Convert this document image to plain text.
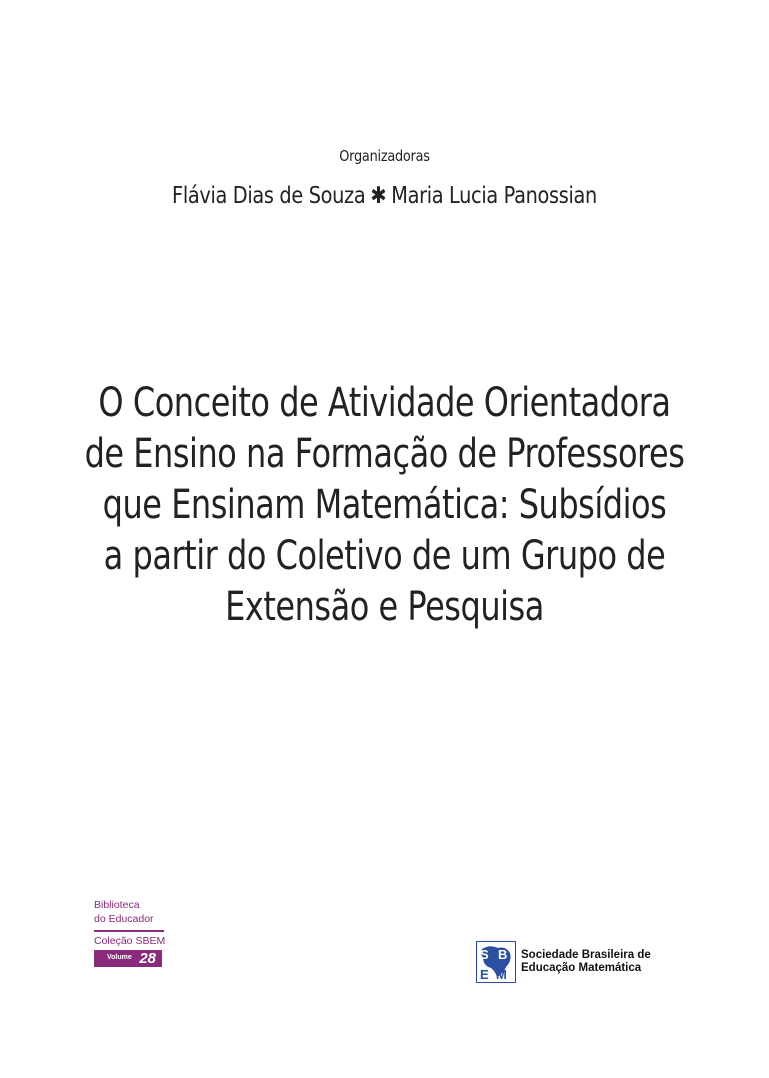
Organizadoras
Flávia Dias de Souza ✱ Maria Lucia Panossian
O Conceito de Atividade Orientadora
de Ensino na Formação de Professores
que Ensinam Matemática: Subsídios
a partir do Coletivo de um Grupo de
Extensão e Pesquisa
Biblioteca
do Educador
Coleção SBEM
Volume 28	S B
E M
Sociedade Brasileira de
Educação Matemática
